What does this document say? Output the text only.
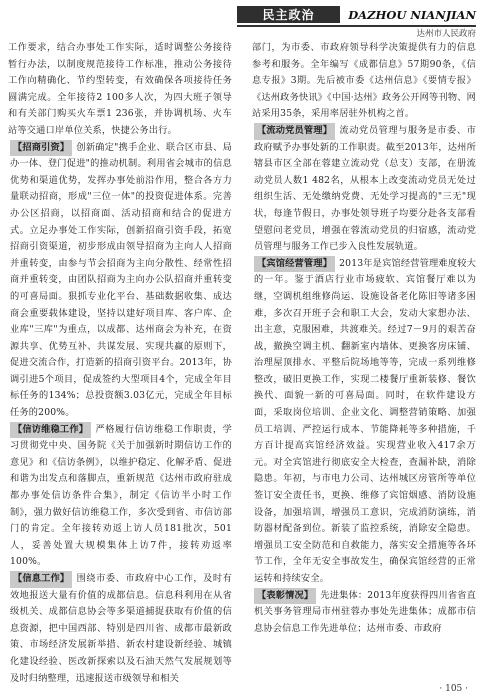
民主政治	DAZHOU NIANJIAN
达州市人民政府

工作要求，结合办事处工作实际，适时调整公务接待暂行办法，以制度规范接待工作标准，推动公务接待工作向精确化、节约型转变，有效确保各项接待任务圆满完成。全年接待2 100多人次，为四大班子领导和有关部门购买火车票1 236张，并协调机场、火车站等交通口岸单位关系，快捷公务出行。

【招商引资】 创新确定"携手企业、联合区市县、局办一体、登门促进"的推动机制。利用省会城市的信息优势和渠道优势，发挥办事处前沿作用，整合各方力量联动招商，形成"三位一体"的投资促进体系。完善办公区招商，以招商面、活动招商和结合的促进方式。立足办事处工作实际，创新招商引资手段，拓宽招商引资渠道，初步形成由领导招商为主向人人招商并重转变，由参与节会招商为主向分散性、经常性招商并重转变，由团队招商为主向办公队招商并重转变的可喜局面。狠抓专业化平台、基础数据收集、成达商会重要载体建设，坚持以建好项目库、客户库、企业库"三库"为重点，以成都、达州商会为补充，在资源共享、优势互补、共谋发展、实现共赢的原则下，促进交流合作，打造新的招商引资平台。2013年，协调引进5个项目，促成签约大型项目4个，完成全年目标任务的134%；总投资额3.03亿元，完成全年目标任务的200%。

【信访维稳工作】 严格履行信访维稳工作职责，学习贯彻党中央、国务院《关于加强新时期信访工作的意见》和《信访条例》，以维护稳定、化解矛盾、促进和谐为出发点和落脚点，重新规范《达州市政府驻成都办事处信访条件合集》，制定《信访半小时工作制》，强力做好信访维稳工作，多次受到省、市信访部门的肯定。全年接转劝返上访人员181批次，501人，妥善处置大规模集体上访7件，接转劝返率100%。

【信息工作】 围绕市委、市政府中心工作，及时有效地报送大量有价值的成都信息。信息科利用在从省级机关、成都信息协会等多渠道捕捉获取有价值的信息资源，把中国西部、特别是四川省、成都市最新政策、市场经济发展新举措、新农村建设新经验、城镇化建设经验、医改新探索以及石油天然气发展规划等及时归纳整理，迅速报送市级领导和相关

部门，为市委、市政府领导科学决策提供有力的信息参考和服务。全年编写《成都信息》57期90条，《信息专报》3期。先后被市委《达州信息》《要情专报》《达州政务快讯》《中国·达州》政务公开网等刊物、网站采用35条，采用率居驻外机构之首。

【流动党员管理】 流动党员管理与服务是市委、市政府赋予办事处新的工作职责。截至2013年，达州所辖县市区全部在蓉建立流动党（总支）支部，在册流动党员人数1 482名，从根本上改变流动党员无处过组织生活、无处缴纳党费、无处学习提高的"三无"现状，每逢节假日，办事处领导班子均要分赴各支部看望慰问老党员，增强在蓉流动党员的归宿感，流动党员管理与服务工作已步入良性发展轨道。

【宾馆经营管理】 2013年是宾馆经营管理难度较大的一年。鉴于酒店行业市场疲软、宾馆餐厅难以为继，空调机组维修尚运、设施设备老化陈旧等诸多困难，多次召开班子会和职工大会，发动大家想办法、出主意，克服困难，共渡难关。经过7－9月的艰苦奋战，撤换空调主机、翻新室内墙体、更换客房床铺、治理屋顶排水、平整后院场地等等，完成一系列维修整改，破旧更换工作，实现二楼餐厅重新装修、餐饮换代、面貌一新的可喜局面。同时，在软件建设方面，采取岗位培训、企业文化、调整营销策略、加强员工培训、严控运行成本、节能降耗等多种措施，千方百计提高宾馆经济效益。实现营业收入417余万元。对全宾馆进行彻底安全大检查，查漏补缺，消除隐患。年初，与市电力公司、达州城区房管所等单位签订安全责任书，更换、维修了宾馆烟感、消防设施设备，加强培训，增强员工意识，完成消防演练，消防器材配备到位。新装了监控系统，消除安全隐患。增强员工安全防范和自救能力，落实安全措施等各环节工作，全年无安全事故发生，确保宾馆经营的正常运转和持续安全。

【表彰情况】 先进集体：2013年度获得四川省省直机关事务管理局市州驻蓉办事处先进集体；成都市信息协会信息工作先进单位；达州市委、市政府

· 105 ·
